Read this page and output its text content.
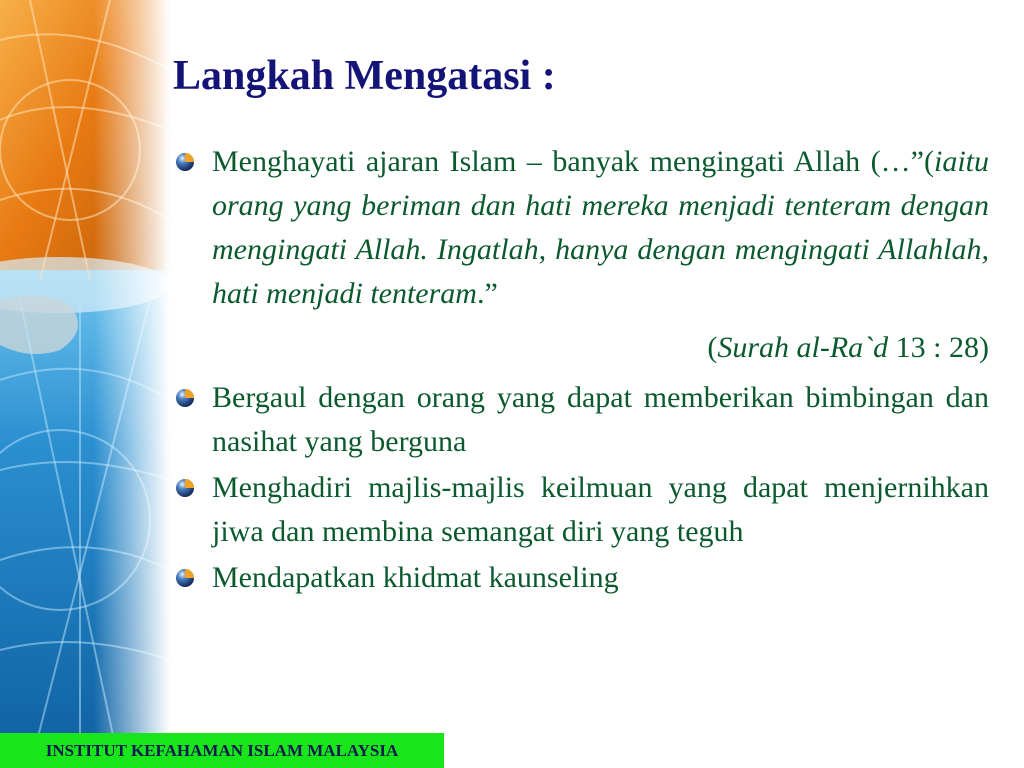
Langkah Mengatasi :
Menghayati ajaran Islam – banyak mengingati Allah (…”(iaitu orang yang beriman dan hati mereka menjadi tenteram dengan mengingati Allah. Ingatlah, hanya dengan mengingati Allahlah, hati menjadi tenteram.”
(Surah al-Ra`d 13 : 28)
Bergaul dengan orang yang dapat memberikan bimbingan dan nasihat yang berguna
Menghadiri majlis-majlis keilmuan yang dapat menjernihkan jiwa dan membina semangat diri yang teguh
Mendapatkan khidmat kaunseling
INSTITUT KEFAHAMAN ISLAM MALAYSIA
